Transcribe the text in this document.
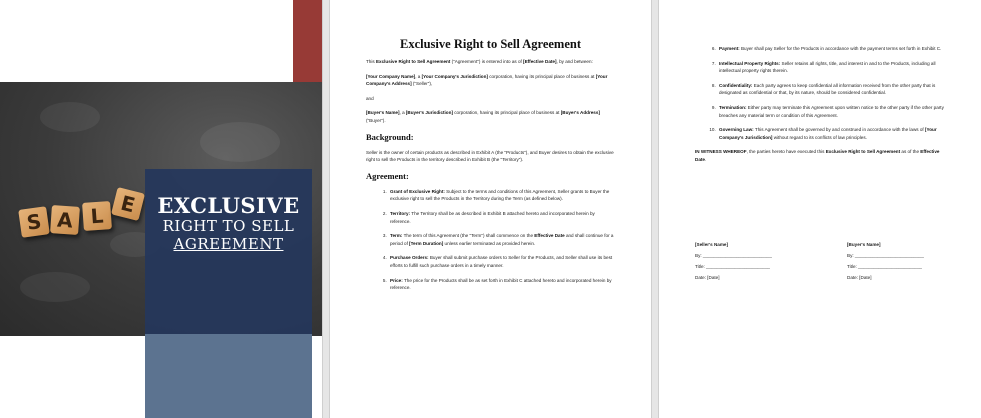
S A L E EXCLUSIVE
RIGHT TO SELL
AGREEMENT
Exclusive Right to Sell Agreement

This Exclusive Right to Sell Agreement ("Agreement") is entered into as of [Effective Date], by and between:

[Your Company Name], a [Your Company's Jurisdiction] corporation, having its principal place of business at [Your Company's Address] ("Seller"),

and

[Buyer's Name], a [Buyer's Jurisdiction] corporation, having its principal place of business at [Buyer's Address] ("Buyer").

Background:

Seller is the owner of certain products as described in Exhibit A (the "Products"), and Buyer desires to obtain the exclusive right to sell the Products in the territory described in Exhibit B (the "Territory").

Agreement:
1. Grant of Exclusive Right: Subject to the terms and conditions of this Agreement, Seller grants to Buyer the exclusive right to sell the Products in the Territory during the Term (as defined below).
2. Territory: The Territory shall be as described in Exhibit B attached hereto and incorporated herein by reference.
3. Term: The term of this Agreement (the "Term") shall commence on the Effective Date and shall continue for a period of [Term Duration] unless earlier terminated as provided herein.
4. Purchase Orders: Buyer shall submit purchase orders to Seller for the Products, and Seller shall use its best efforts to fulfill such purchase orders in a timely manner.
5. Price: The price for the Products shall be as set forth in Exhibit C attached hereto and incorporated herein by reference.
6. Payment: Buyer shall pay Seller for the Products in accordance with the payment terms set forth in Exhibit C.
7. Intellectual Property Rights: Seller retains all rights, title, and interest in and to the Products, including all intellectual property rights therein.
8. Confidentiality: Each party agrees to keep confidential all information received from the other party that is designated as confidential or that, by its nature, should be considered confidential.
9. Termination: Either party may terminate this Agreement upon written notice to the other party if the other party breaches any material term or condition of this Agreement.
10. Governing Law: This Agreement shall be governed by and construed in accordance with the laws of [Your Company's Jurisdiction] without regard to its conflicts of law principles.

IN WITNESS WHEREOF, the parties hereto have executed this Exclusive Right to Sell Agreement as of the Effective Date.

[Seller's Name]
By: ___________________________
Title: _________________________
Date: [Date]
[Buyer's Name]
By: ___________________________
Title: _________________________
Date: [Date]
